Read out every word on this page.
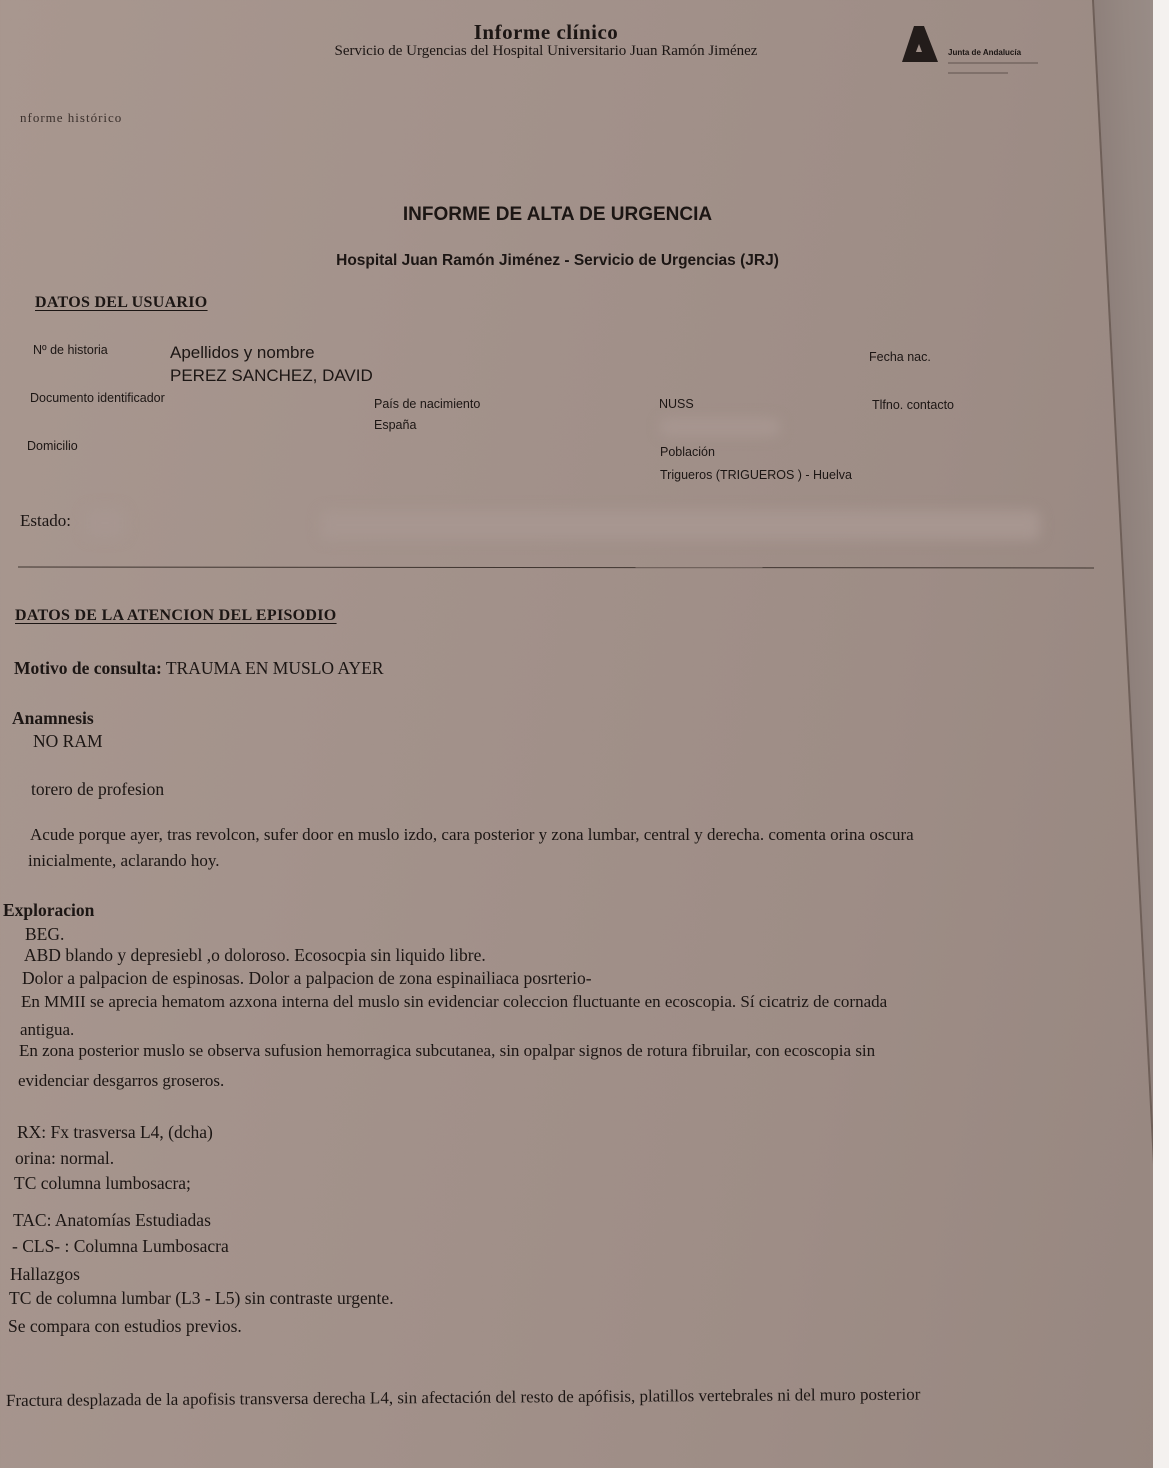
Informe clínico
Servicio de Urgencias del Hospital Universitario Juan Ramón Jiménez	Junta de Andalucía
nforme histórico
INFORME DE ALTA DE URGENCIA
Hospital Juan Ramón Jiménez - Servicio de Urgencias (JRJ)
DATOS DEL USUARIO
Nº de historia	Apellidos y nombre
PEREZ SANCHEZ, DAVID
Fecha nac.
Documento identificador	País de nacimiento
España
NUSS	Tlfno. contacto
Domicilio	Población
Trigueros (TRIGUEROS ) - Huelva
Estado:
DATOS DE LA ATENCION DEL EPISODIO
Motivo de consulta: TRAUMA EN MUSLO AYER
Anamnesis
NO RAM
torero de profesion
Acude porque ayer, tras revolcon, sufer door en muslo izdo, cara posterior y zona lumbar, central y derecha. comenta orina oscura
inicialmente, aclarando hoy.
Exploracion
BEG.
ABD blando y depresiebl ,o doloroso. Ecosocpia sin liquido libre.
Dolor a palpacion de espinosas. Dolor a palpacion de zona espinailiaca posrterio-
En MMII se aprecia hematom azxona interna del muslo sin evidenciar coleccion fluctuante en ecoscopia. Sí cicatriz de cornada
antigua.
En zona posterior muslo se observa sufusion hemorragica subcutanea, sin opalpar signos de rotura fibruilar, con ecoscopia sin
evidenciar desgarros groseros.
RX: Fx trasversa L4, (dcha)
orina: normal.
TC columna lumbosacra;
TAC: Anatomías Estudiadas
- CLS- : Columna Lumbosacra
Hallazgos
TC de columna lumbar (L3 - L5) sin contraste urgente.
Se compara con estudios previos.
Fractura desplazada de la apofisis transversa derecha L4, sin afectación del resto de apófisis, platillos vertebrales ni del muro posterior
